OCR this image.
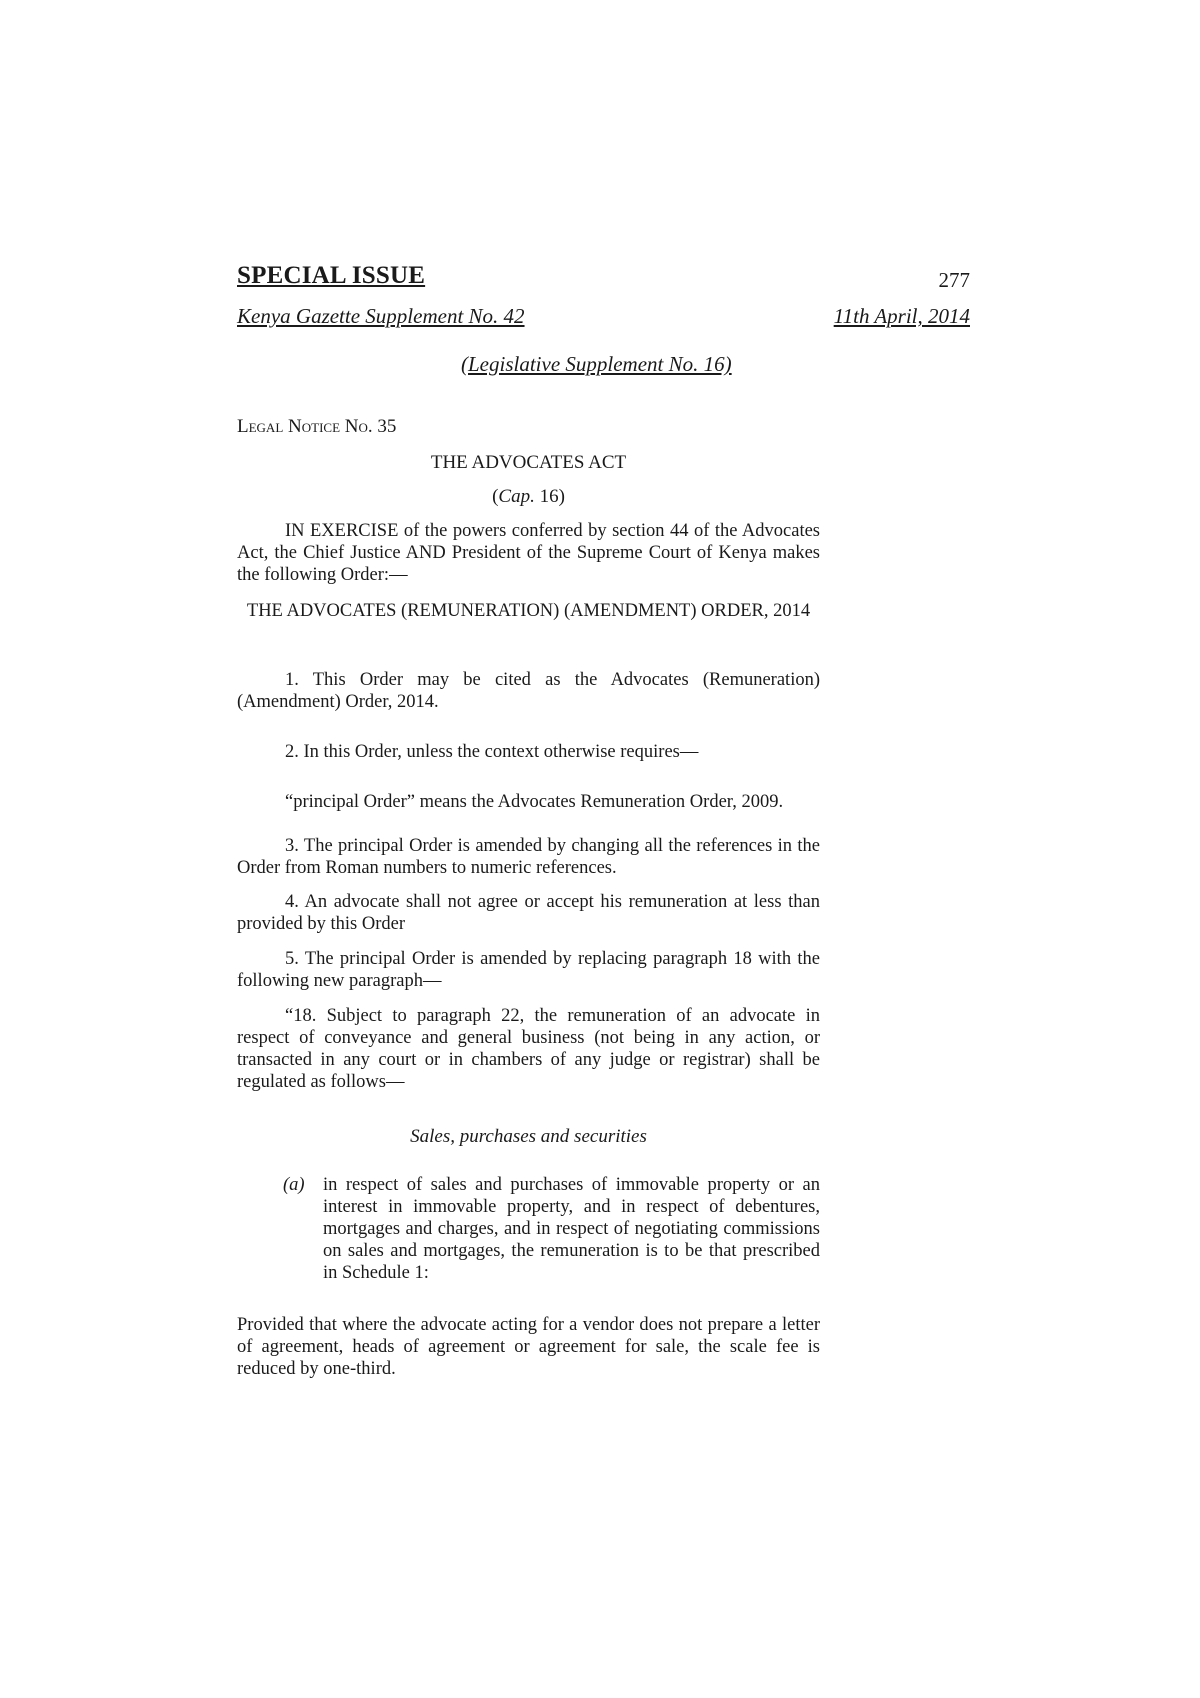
SPECIAL ISSUE	277
Kenya Gazette Supplement No. 42	11th April, 2014
(Legislative Supplement No. 16)
Legal Notice No. 35
THE ADVOCATES ACT
(Cap. 16)
IN EXERCISE of the powers conferred by section 44 of the Advocates Act, the Chief Justice AND President of the Supreme Court of Kenya makes the following Order:—
THE ADVOCATES (REMUNERATION) (AMENDMENT) ORDER, 2014
1. This Order may be cited as the Advocates (Remuneration) (Amendment) Order, 2014.
2. In this Order, unless the context otherwise requires—
“principal Order” means the Advocates Remuneration Order, 2009.
3. The principal Order is amended by changing all the references in the Order from Roman numbers to numeric references.
4. An advocate shall not agree or accept his remuneration at less than provided by this Order
5. The principal Order is amended by replacing paragraph 18 with the following new paragraph—
“18. Subject to paragraph 22, the remuneration of an advocate in respect of conveyance and general business (not being in any action, or transacted in any court or in chambers of any judge or registrar) shall be regulated as follows—
Sales, purchases and securities
(a) in respect of sales and purchases of immovable property or an interest in immovable property, and in respect of debentures, mortgages and charges, and in respect of negotiating commissions on sales and mortgages, the remuneration is to be that prescribed in Schedule 1:
Provided that where the advocate acting for a vendor does not prepare a letter of agreement, heads of agreement or agreement for sale, the scale fee is reduced by one-third.
